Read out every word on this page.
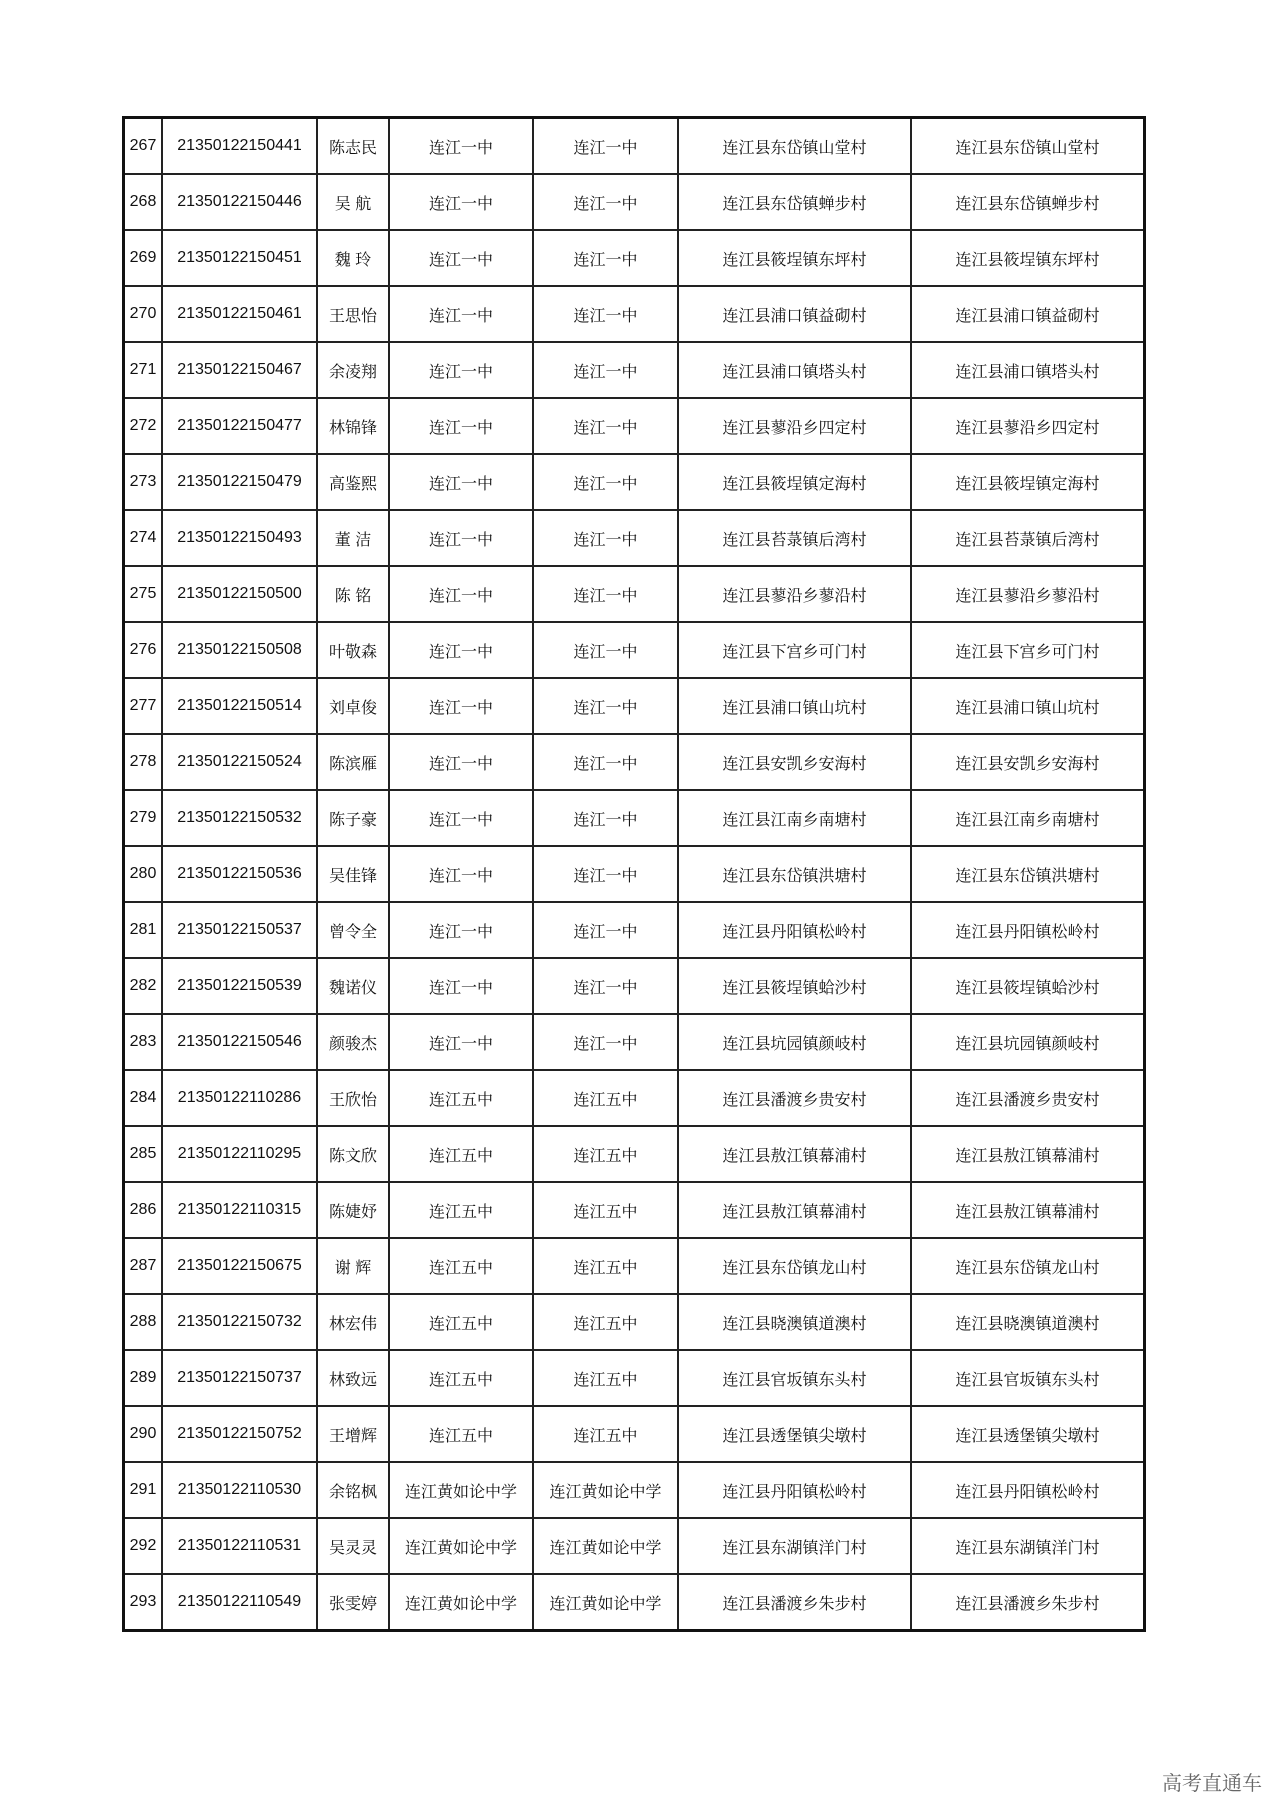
267	21350122150441	陈志民	连江一中	连江一中	连江县东岱镇山堂村	连江县东岱镇山堂村
268	21350122150446	吴 航	连江一中	连江一中	连江县东岱镇蝉步村	连江县东岱镇蝉步村
269	21350122150451	魏 玲	连江一中	连江一中	连江县筱埕镇东坪村	连江县筱埕镇东坪村
270	21350122150461	王思怡	连江一中	连江一中	连江县浦口镇益砌村	连江县浦口镇益砌村
271	21350122150467	余凌翔	连江一中	连江一中	连江县浦口镇塔头村	连江县浦口镇塔头村
272	21350122150477	林锦锋	连江一中	连江一中	连江县蓼沿乡四定村	连江县蓼沿乡四定村
273	21350122150479	高鉴熙	连江一中	连江一中	连江县筱埕镇定海村	连江县筱埕镇定海村
274	21350122150493	董 洁	连江一中	连江一中	连江县苔菉镇后湾村	连江县苔菉镇后湾村
275	21350122150500	陈 铭	连江一中	连江一中	连江县蓼沿乡蓼沿村	连江县蓼沿乡蓼沿村
276	21350122150508	叶敬森	连江一中	连江一中	连江县下宫乡可门村	连江县下宫乡可门村
277	21350122150514	刘卓俊	连江一中	连江一中	连江县浦口镇山坑村	连江县浦口镇山坑村
278	21350122150524	陈滨雁	连江一中	连江一中	连江县安凯乡安海村	连江县安凯乡安海村
279	21350122150532	陈子豪	连江一中	连江一中	连江县江南乡南塘村	连江县江南乡南塘村
280	21350122150536	吴佳锋	连江一中	连江一中	连江县东岱镇洪塘村	连江县东岱镇洪塘村
281	21350122150537	曾令全	连江一中	连江一中	连江县丹阳镇松岭村	连江县丹阳镇松岭村
282	21350122150539	魏诺仪	连江一中	连江一中	连江县筱埕镇蛤沙村	连江县筱埕镇蛤沙村
283	21350122150546	颜骏杰	连江一中	连江一中	连江县坑园镇颜岐村	连江县坑园镇颜岐村
284	21350122110286	王欣怡	连江五中	连江五中	连江县潘渡乡贵安村	连江县潘渡乡贵安村
285	21350122110295	陈文欣	连江五中	连江五中	连江县敖江镇幕浦村	连江县敖江镇幕浦村
286	21350122110315	陈婕妤	连江五中	连江五中	连江县敖江镇幕浦村	连江县敖江镇幕浦村
287	21350122150675	谢 辉	连江五中	连江五中	连江县东岱镇龙山村	连江县东岱镇龙山村
288	21350122150732	林宏伟	连江五中	连江五中	连江县晓澳镇道澳村	连江县晓澳镇道澳村
289	21350122150737	林致远	连江五中	连江五中	连江县官坂镇东头村	连江县官坂镇东头村
290	21350122150752	王增辉	连江五中	连江五中	连江县透堡镇尖墩村	连江县透堡镇尖墩村
291	21350122110530	余铭枫	连江黄如论中学	连江黄如论中学	连江县丹阳镇松岭村	连江县丹阳镇松岭村
292	21350122110531	吴灵灵	连江黄如论中学	连江黄如论中学	连江县东湖镇洋门村	连江县东湖镇洋门村
293	21350122110549	张雯婷	连江黄如论中学	连江黄如论中学	连江县潘渡乡朱步村	连江县潘渡乡朱步村
高考直通车
